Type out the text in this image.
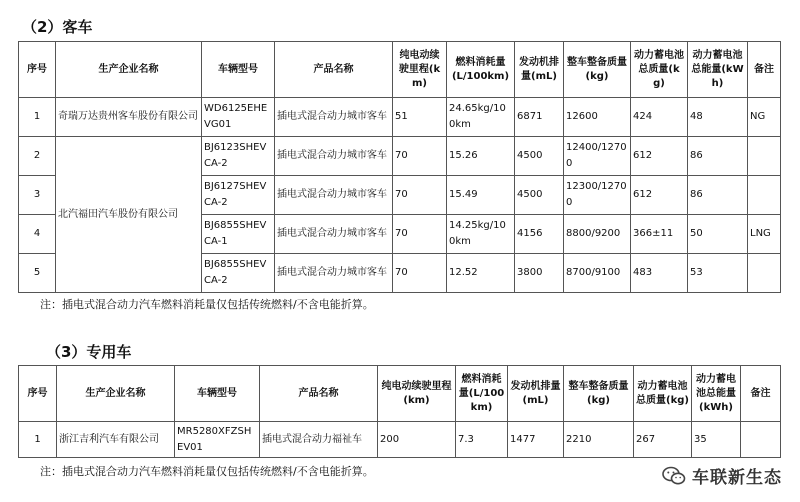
（2）客车
序号	生产企业名称	车辆型号	产品名称	纯电动续驶里程(km)	燃料消耗量(L/100km)	发动机排量(mL)	整车整备质量(kg)	动力蓄电池总质量(kg)	动力蓄电池总能量(kWh)	备注
1	奇瑞万达贵州客车股份有限公司	WD6125EHEVG01	插电式混合动力城市客车	51	24.65kg/100km	6871	12600	424	48	NG
2	北汽福田汽车股份有限公司	BJ6123SHEVCA-2	插电式混合动力城市客车	70	15.26	4500	12400/12700	612	86	
3		BJ6127SHEVCA-2	插电式混合动力城市客车	70	15.49	4500	12300/12700	612	86	
4		BJ6855SHEVCA-1	插电式混合动力城市客车	70	14.25kg/100km	4156	8800/9200	366±11	50	LNG
5		BJ6855SHEVCA-2	插电式混合动力城市客车	70	12.52	3800	8700/9100	483	53	
注：插电式混合动力汽车燃料消耗量仅包括传统燃料/不含电能折算。
（3）专用车
序号	生产企业名称	车辆型号	产品名称	纯电动续驶里程(km)	燃料消耗量(L/100km)	发动机排量(mL)	整车整备质量(kg)	动力蓄电池总质量(kg)	动力蓄电池总能量(kWh)	备注
1	浙江吉利汽车有限公司	MR5280XFZSHEV01	插电式混合动力福祉车	200	7.3	1477	2210	267	35	
注：插电式混合动力汽车燃料消耗量仅包括传统燃料/不含电能折算。	车联新生态
